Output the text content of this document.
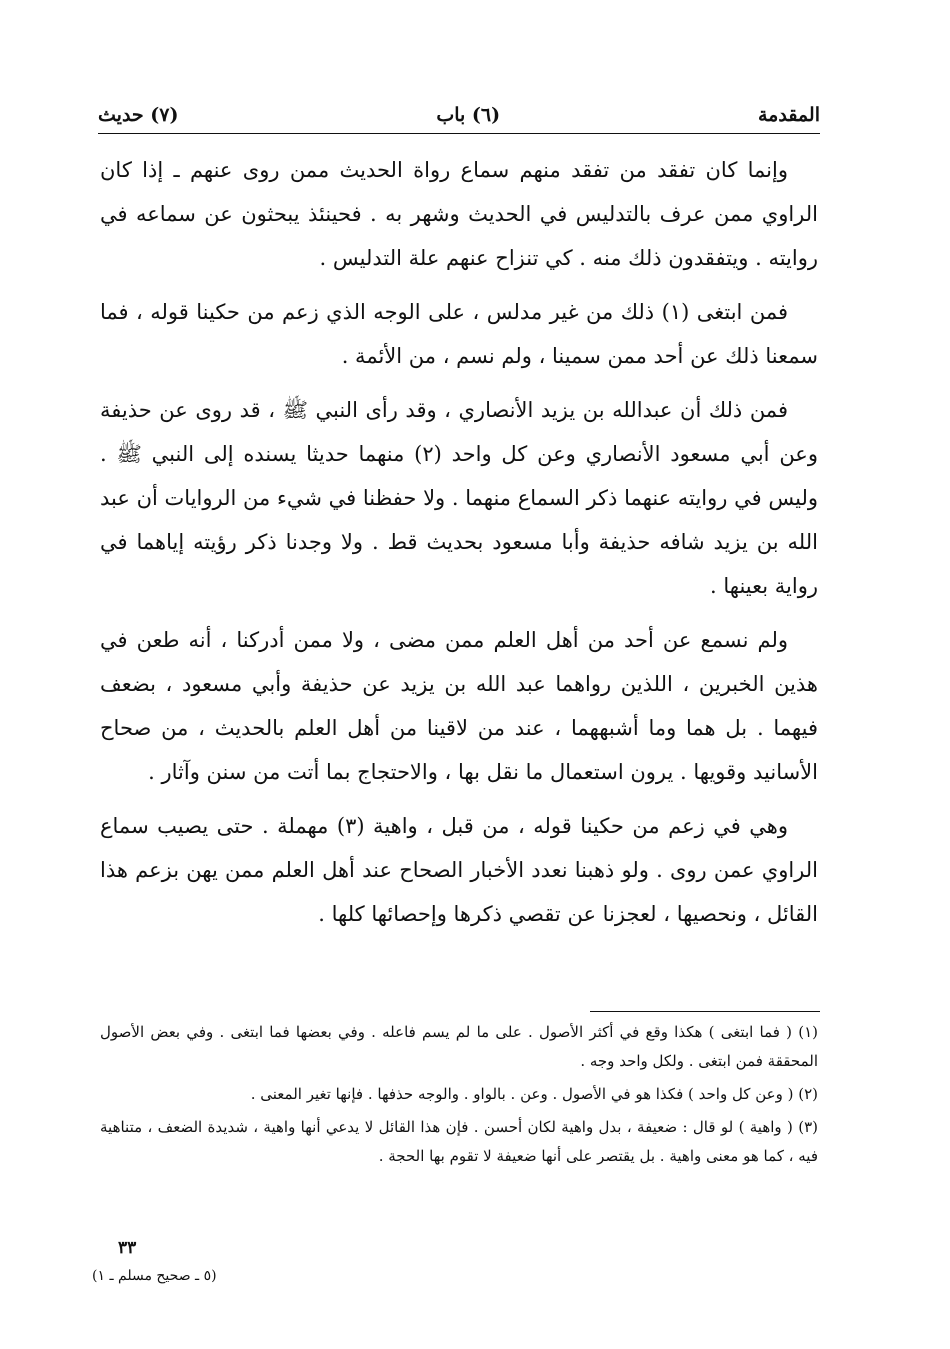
المقدمة
(٦) باب
(٧) حديث

وإنما كان تفقد من تفقد منهم سماع رواة الحديث ممن روى عنهم ـ إذا كان الراوي ممن عرف بالتدليس في الحديث وشهر به . فحينئذ يبحثون عن سماعه في روايته . ويتفقدون ذلك منه . كي تنزاح عنهم علة التدليس .

فمن ابتغى (١) ذلك من غير مدلس ، على الوجه الذي زعم من حكينا قوله ، فما سمعنا ذلك عن أحد ممن سمينا ، ولم نسم ، من الأئمة .

فمن ذلك أن عبدالله بن يزيد الأنصاري ، وقد رأى النبي ﷺ ، قد روى عن حذيفة وعن أبي مسعود الأنصاري وعن كل واحد (٢) منهما حديثا يسنده إلى النبي ﷺ . وليس في روايته عنهما ذكر السماع منهما . ولا حفظنا في شيء من الروايات أن عبد الله بن يزيد شافه حذيفة وأبا مسعود بحديث قط . ولا وجدنا ذكر رؤيته إياهما في رواية بعينها .

ولم نسمع عن أحد من أهل العلم ممن مضى ، ولا ممن أدركنا ، أنه طعن في هذين الخبرين ، اللذين رواهما عبد الله بن يزيد عن حذيفة وأبي مسعود ، بضعف فيهما . بل هما وما أشبههما ، عند من لاقينا من أهل العلم بالحديث ، من صحاح الأسانيد وقويها . يرون استعمال ما نقل بها ، والاحتجاج بما أتت من سنن وآثار .

وهي في زعم من حكينا قوله ، من قبل ، واهية (٣) مهملة . حتى يصيب سماع الراوي عمن روى . ولو ذهبنا نعدد الأخبار الصحاح عند أهل العلم ممن يهن بزعم هذا القائل ، ونحصيها ، لعجزنا عن تقصي ذكرها وإحصائها كلها .

(١) ( فما ابتغى ) هكذا وقع في أكثر الأصول . على ما لم يسم فاعله . وفي بعضها فما ابتغى . وفي بعض الأصول المحققة فمن ابتغى . ولكل واحد وجه .

(٢) ( وعن كل واحد ) فكذا هو في الأصول . وعن . بالواو . والوجه حذفها . فإنها تغير المعنى .

(٣) ( واهية ) لو قال : ضعيفة ، بدل واهية لكان أحسن . فإن هذا القائل لا يدعي أنها واهية ، شديدة الضعف ، متناهية فيه ، كما هو معنى واهية . بل يقتصر على أنها ضعيفة لا تقوم بها الحجة .

٣٣
(٥ ـ صحيح مسلم ـ ١)
